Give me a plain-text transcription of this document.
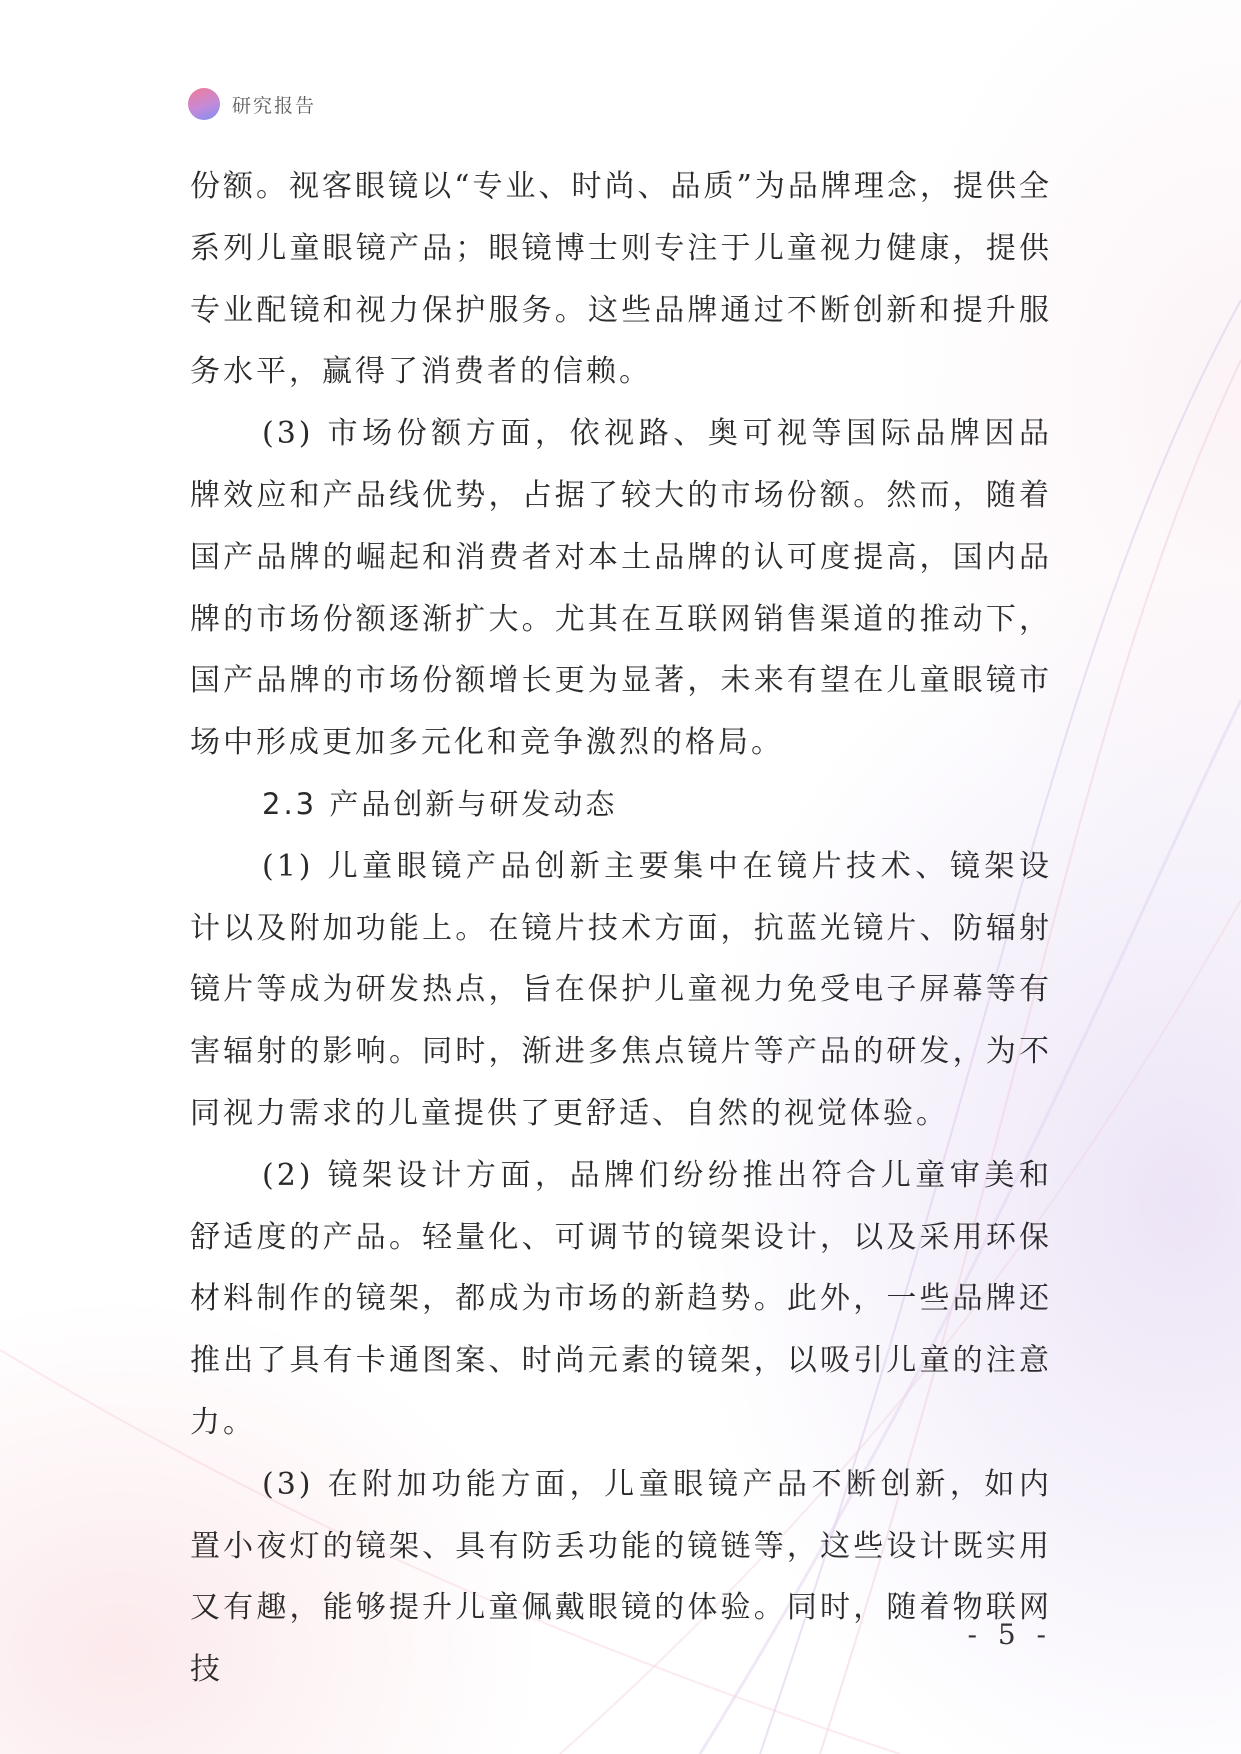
研究报告

份额。视客眼镜以“专业、时尚、品质”为品牌理念，提供全系列儿童眼镜产品；眼镜博士则专注于儿童视力健康，提供专业配镜和视力保护服务。这些品牌通过不断创新和提升服务水平，赢得了消费者的信赖。

(3) 市场份额方面，依视路、奥可视等国际品牌因品牌效应和产品线优势，占据了较大的市场份额。然而，随着国产品牌的崛起和消费者对本土品牌的认可度提高，国内品牌的市场份额逐渐扩大。尤其在互联网销售渠道的推动下，国产品牌的市场份额增长更为显著，未来有望在儿童眼镜市场中形成更加多元化和竞争激烈的格局。

2.3 产品创新与研发动态

(1) 儿童眼镜产品创新主要集中在镜片技术、镜架设计以及附加功能上。在镜片技术方面，抗蓝光镜片、防辐射镜片等成为研发热点，旨在保护儿童视力免受电子屏幕等有害辐射的影响。同时，渐进多焦点镜片等产品的研发，为不同视力需求的儿童提供了更舒适、自然的视觉体验。

(2) 镜架设计方面，品牌们纷纷推出符合儿童审美和舒适度的产品。轻量化、可调节的镜架设计，以及采用环保材料制作的镜架，都成为市场的新趋势。此外，一些品牌还推出了具有卡通图案、时尚元素的镜架，以吸引儿童的注意力。

(3) 在附加功能方面，儿童眼镜产品不断创新，如内置小夜灯的镜架、具有防丢功能的镜链等，这些设计既实用又有趣，能够提升儿童佩戴眼镜的体验。同时，随着物联网技

- 5 -
